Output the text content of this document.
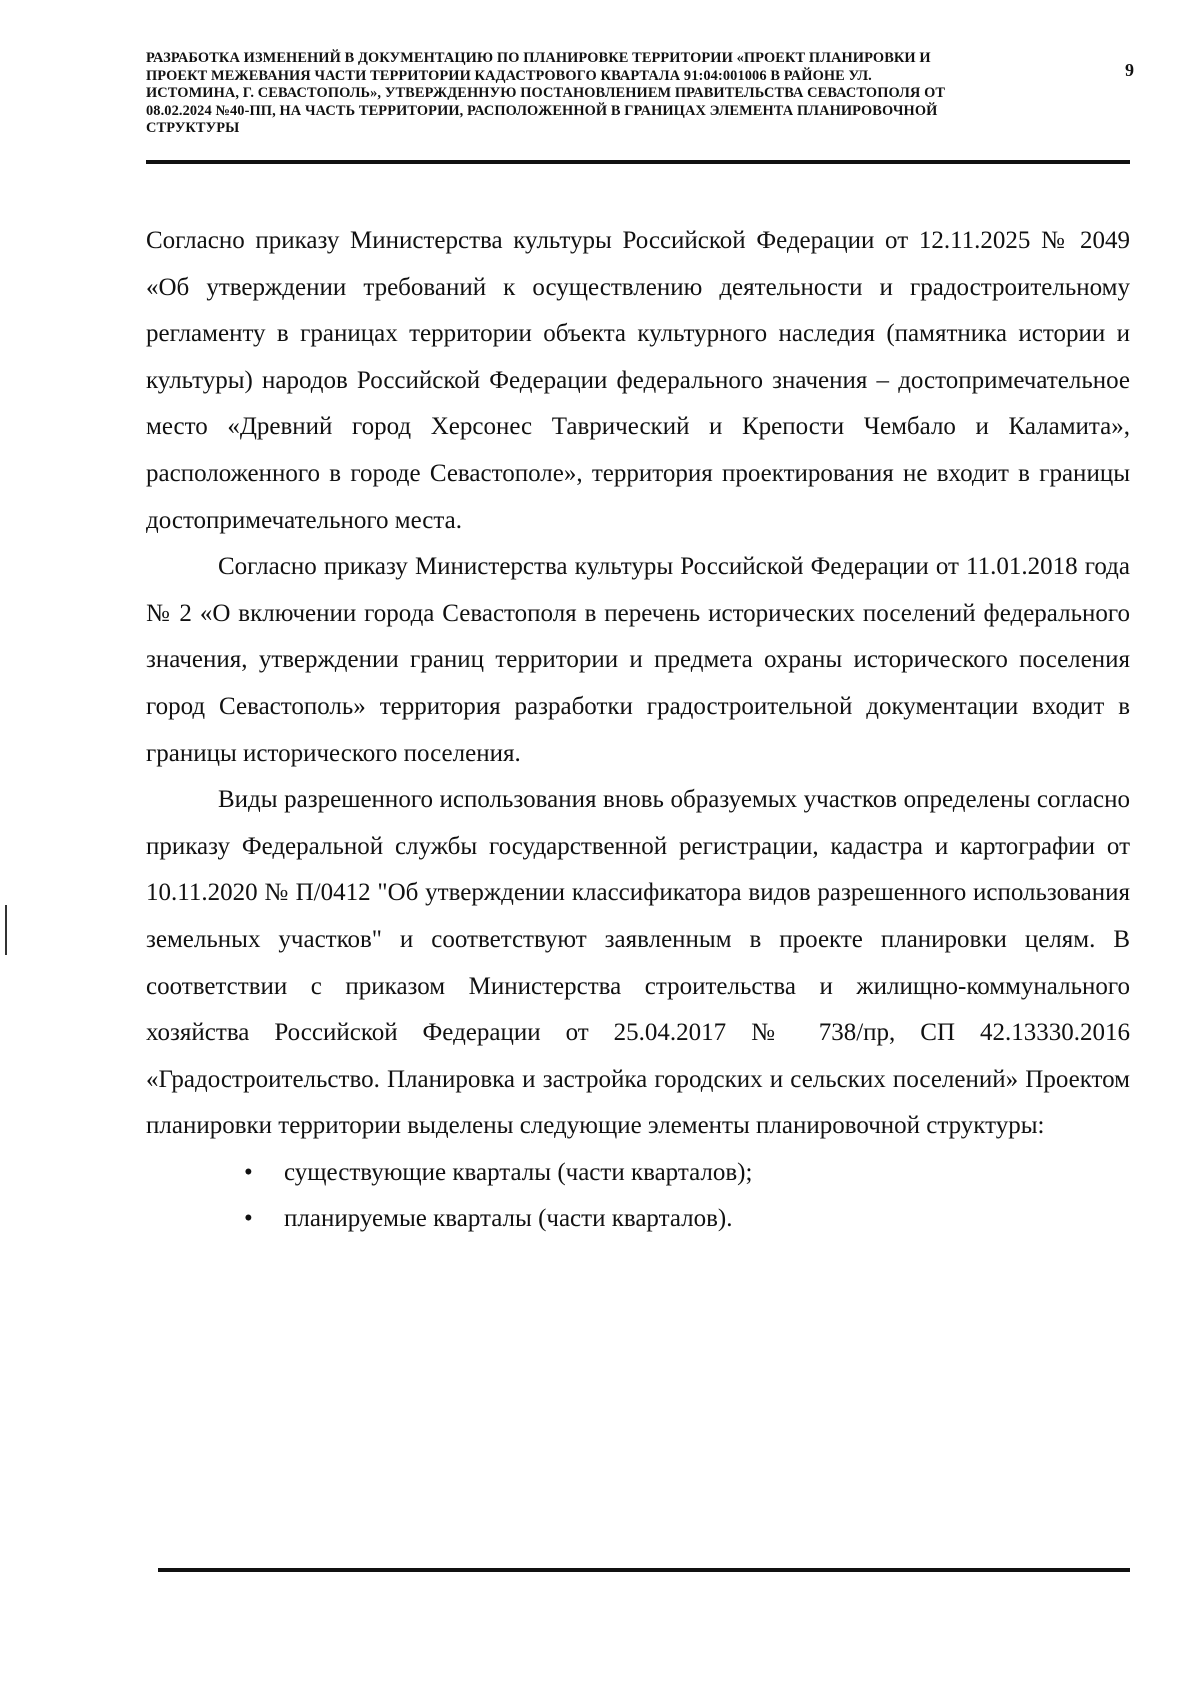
РАЗРАБОТКА ИЗМЕНЕНИЙ В ДОКУМЕНТАЦИЮ ПО ПЛАНИРОВКЕ ТЕРРИТОРИИ «ПРОЕКТ ПЛАНИРОВКИ И ПРОЕКТ МЕЖЕВАНИЯ ЧАСТИ ТЕРРИТОРИИ КАДАСТРОВОГО КВАРТАЛА 91:04:001006 В РАЙОНЕ УЛ. ИСТОМИНА, Г. СЕВАСТОПОЛЬ», УТВЕРЖДЕННУЮ ПОСТАНОВЛЕНИЕМ ПРАВИТЕЛЬСТВА СЕВАСТОПОЛЯ ОТ 08.02.2024 №40-ПП, НА ЧАСТЬ ТЕРРИТОРИИ, РАСПОЛОЖЕННОЙ В ГРАНИЦАХ ЭЛЕМЕНТА ПЛАНИРОВОЧНОЙ СТРУКТУРЫ

9

Согласно приказу Министерства культуры Российской Федерации от 12.11.2025 № 2049 «Об утверждении требований к осуществлению деятельности и градостроительному регламенту в границах территории объекта культурного наследия (памятника истории и культуры) народов Российской Федерации федерального значения – достопримечательное место «Древний город Херсонес Таврический и Крепости Чембало и Каламита», расположенного в городе Севастополе», территория проектирования не входит в границы достопримечательного места.

Согласно приказу Министерства культуры Российской Федерации от 11.01.2018 года № 2 «О включении города Севастополя в перечень исторических поселений федерального значения, утверждении границ территории и предмета охраны исторического поселения город Севастополь» территория разработки градостроительной документации входит в границы исторического поселения.

Виды разрешенного использования вновь образуемых участков определены согласно приказу Федеральной службы государственной регистрации, кадастра и картографии от 10.11.2020 № П/0412 "Об утверждении классификатора видов разрешенного использования земельных участков" и соответствуют заявленным в проекте планировки целям. В соответствии с приказом Министерства строительства и жилищно-коммунального хозяйства Российской Федерации от 25.04.2017 № 738/пр, СП 42.13330.2016 «Градостроительство. Планировка и застройка городских и сельских поселений» Проектом планировки территории выделены следующие элементы планировочной структуры:

• существующие кварталы (части кварталов);
• планируемые кварталы (части кварталов).
